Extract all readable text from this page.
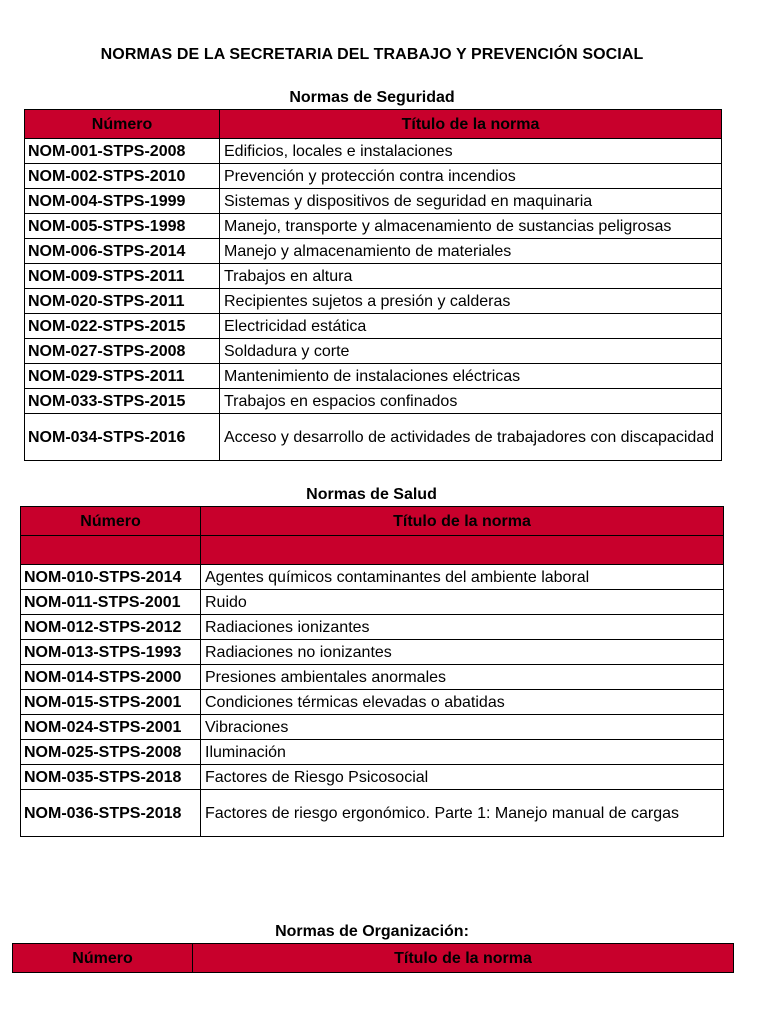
NORMAS DE LA SECRETARIA DEL TRABAJO Y PREVENCIÓN SOCIAL
Normas de Seguridad
Número	Título de la norma
NOM-001-STPS-2008	Edificios, locales e instalaciones
NOM-002-STPS-2010	Prevención y protección contra incendios
NOM-004-STPS-1999	Sistemas y dispositivos de seguridad en maquinaria
NOM-005-STPS-1998	Manejo, transporte y almacenamiento de sustancias peligrosas
NOM-006-STPS-2014	Manejo y almacenamiento de materiales
NOM-009-STPS-2011	Trabajos en altura
NOM-020-STPS-2011	Recipientes sujetos a presión y calderas
NOM-022-STPS-2015	Electricidad estática
NOM-027-STPS-2008	Soldadura y corte
NOM-029-STPS-2011	Mantenimiento de instalaciones eléctricas
NOM-033-STPS-2015	Trabajos en espacios confinados
NOM-034-STPS-2016	Acceso y desarrollo de actividades de trabajadores con discapacidad
Normas de Salud
Número	Título de la norma

NOM-010-STPS-2014	Agentes químicos contaminantes del ambiente laboral
NOM-011-STPS-2001	Ruido
NOM-012-STPS-2012	Radiaciones ionizantes
NOM-013-STPS-1993	Radiaciones no ionizantes
NOM-014-STPS-2000	Presiones ambientales anormales
NOM-015-STPS-2001	Condiciones térmicas elevadas o abatidas
NOM-024-STPS-2001	Vibraciones
NOM-025-STPS-2008	Iluminación
NOM-035-STPS-2018	Factores de Riesgo Psicosocial
NOM-036-STPS-2018	Factores de riesgo ergonómico. Parte 1: Manejo manual de cargas
Normas de Organización:
Número	Título de la norma
